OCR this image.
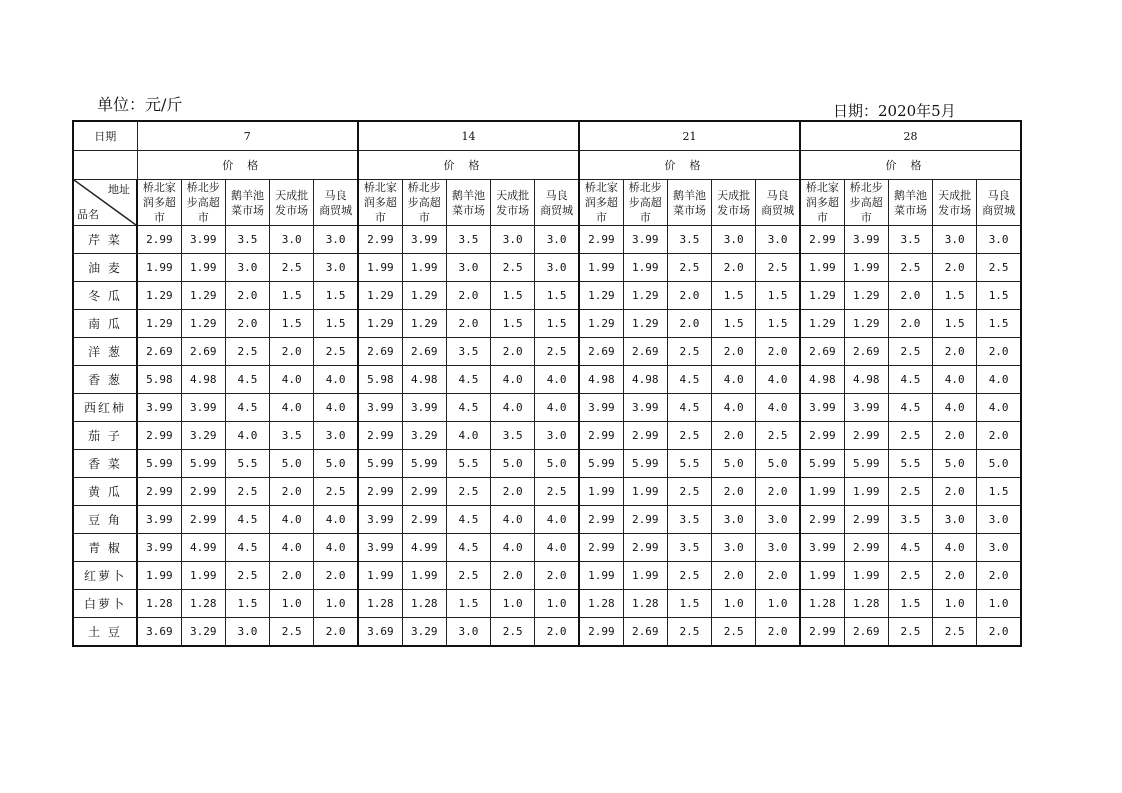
单位：元/斤	日期：2020年5月
日期	7					14					21					28				
	价格					价格					价格					价格				

地址
品名	桥北家润多超市	桥北步步高超市	鹅羊池菜市场	天成批发市场	马良商贸城	桥北家润多超市	桥北步步高超市	鹅羊池菜市场	天成批发市场	马良商贸城	桥北家润多超市	桥北步步高超市	鹅羊池菜市场	天成批发市场	马良商贸城	桥北家润多超市	桥北步步高超市	鹅羊池菜市场	天成批发市场	马良商贸城
芹 菜	2.99	3.99	3.5	3.0	3.0	2.99	3.99	3.5	3.0	3.0	2.99	3.99	3.5	3.0	3.0	2.99	3.99	3.5	3.0	3.0
油 麦	1.99	1.99	3.0	2.5	3.0	1.99	1.99	3.0	2.5	3.0	1.99	1.99	2.5	2.0	2.5	1.99	1.99	2.5	2.0	2.5
冬 瓜	1.29	1.29	2.0	1.5	1.5	1.29	1.29	2.0	1.5	1.5	1.29	1.29	2.0	1.5	1.5	1.29	1.29	2.0	1.5	1.5
南 瓜	1.29	1.29	2.0	1.5	1.5	1.29	1.29	2.0	1.5	1.5	1.29	1.29	2.0	1.5	1.5	1.29	1.29	2.0	1.5	1.5
洋 葱	2.69	2.69	2.5	2.0	2.5	2.69	2.69	3.5	2.0	2.5	2.69	2.69	2.5	2.0	2.0	2.69	2.69	2.5	2.0	2.0
香 葱	5.98	4.98	4.5	4.0	4.0	5.98	4.98	4.5	4.0	4.0	4.98	4.98	4.5	4.0	4.0	4.98	4.98	4.5	4.0	4.0
西红柿	3.99	3.99	4.5	4.0	4.0	3.99	3.99	4.5	4.0	4.0	3.99	3.99	4.5	4.0	4.0	3.99	3.99	4.5	4.0	4.0
茄 子	2.99	3.29	4.0	3.5	3.0	2.99	3.29	4.0	3.5	3.0	2.99	2.99	2.5	2.0	2.5	2.99	2.99	2.5	2.0	2.0
香 菜	5.99	5.99	5.5	5.0	5.0	5.99	5.99	5.5	5.0	5.0	5.99	5.99	5.5	5.0	5.0	5.99	5.99	5.5	5.0	5.0
黄 瓜	2.99	2.99	2.5	2.0	2.5	2.99	2.99	2.5	2.0	2.5	1.99	1.99	2.5	2.0	2.0	1.99	1.99	2.5	2.0	1.5
豆 角	3.99	2.99	4.5	4.0	4.0	3.99	2.99	4.5	4.0	4.0	2.99	2.99	3.5	3.0	3.0	2.99	2.99	3.5	3.0	3.0
青 椒	3.99	4.99	4.5	4.0	4.0	3.99	4.99	4.5	4.0	4.0	2.99	2.99	3.5	3.0	3.0	3.99	2.99	4.5	4.0	3.0
红萝卜	1.99	1.99	2.5	2.0	2.0	1.99	1.99	2.5	2.0	2.0	1.99	1.99	2.5	2.0	2.0	1.99	1.99	2.5	2.0	2.0
白萝卜	1.28	1.28	1.5	1.0	1.0	1.28	1.28	1.5	1.0	1.0	1.28	1.28	1.5	1.0	1.0	1.28	1.28	1.5	1.0	1.0
土 豆	3.69	3.29	3.0	2.5	2.0	3.69	3.29	3.0	2.5	2.0	2.99	2.69	2.5	2.5	2.0	2.99	2.69	2.5	2.5	2.0
